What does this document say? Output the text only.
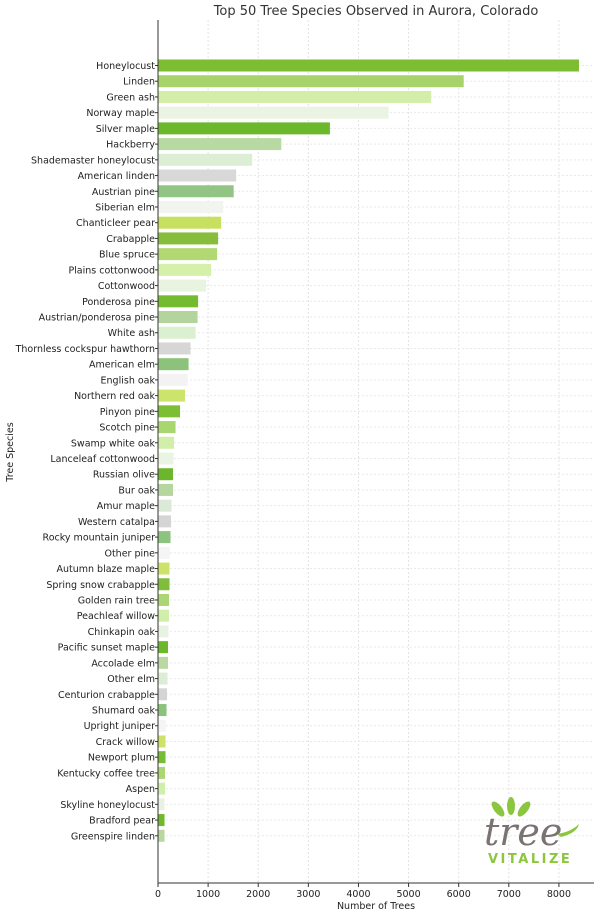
Top 50 Tree Species Observed in Aurora, Colorado
Honeylocust
Linden
Green ash
Norway maple
Silver maple
Hackberry
Shademaster honeylocust
American linden
Austrian pine
Siberian elm
Chanticleer pear
Crabapple
Blue spruce
Plains cottonwood
Cottonwood
Ponderosa pine
Austrian/ponderosa pine
White ash
Thornless cockspur hawthorn
American elm
English oak
Northern red oak
Pinyon pine
Scotch pine
Swamp white oak
Lanceleaf cottonwood
Russian olive
Bur oak
Amur maple
Western catalpa
Rocky mountain juniper
Other pine
Autumn blaze maple
Spring snow crabapple
Golden rain tree
Peachleaf willow
Chinkapin oak
Pacific sunset maple
Accolade elm
Other elm
Centurion crabapple
Shumard oak
Upright juniper
Crack willow
Newport plum
Kentucky coffee tree
Aspen
Skyline honeylocust
Bradford pear
Greenspire linden
0	1000	2000	3000	4000	5000	6000	7000	8000
Number of Trees
Tree Species
tree
VITALIZE
